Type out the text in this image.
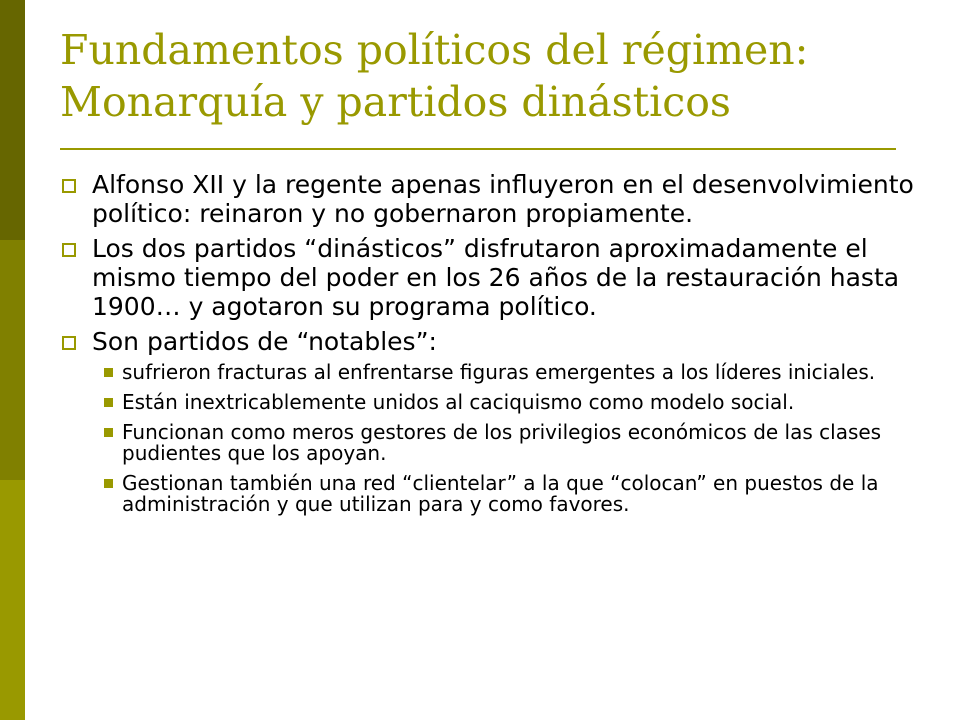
Fundamentos políticos del régimen:
Monarquía y partidos dinásticos
Alfonso XII y la regente apenas influyeron en el desenvolvimiento político: reinaron y no gobernaron propiamente.
Los dos partidos “dinásticos” disfrutaron aproximadamente el mismo tiempo del poder en los 26 años de la restauración hasta 1900… y agotaron su programa político.
Son partidos de “notables”:
sufrieron fracturas al enfrentarse figuras emergentes a los líderes iniciales.
Están inextricablemente unidos al caciquismo como modelo social.
Funcionan como meros gestores de los privilegios económicos de las clases pudientes que los apoyan.
Gestionan también una red “clientelar” a la que “colocan” en puestos de la administración y que utilizan para y como favores.
